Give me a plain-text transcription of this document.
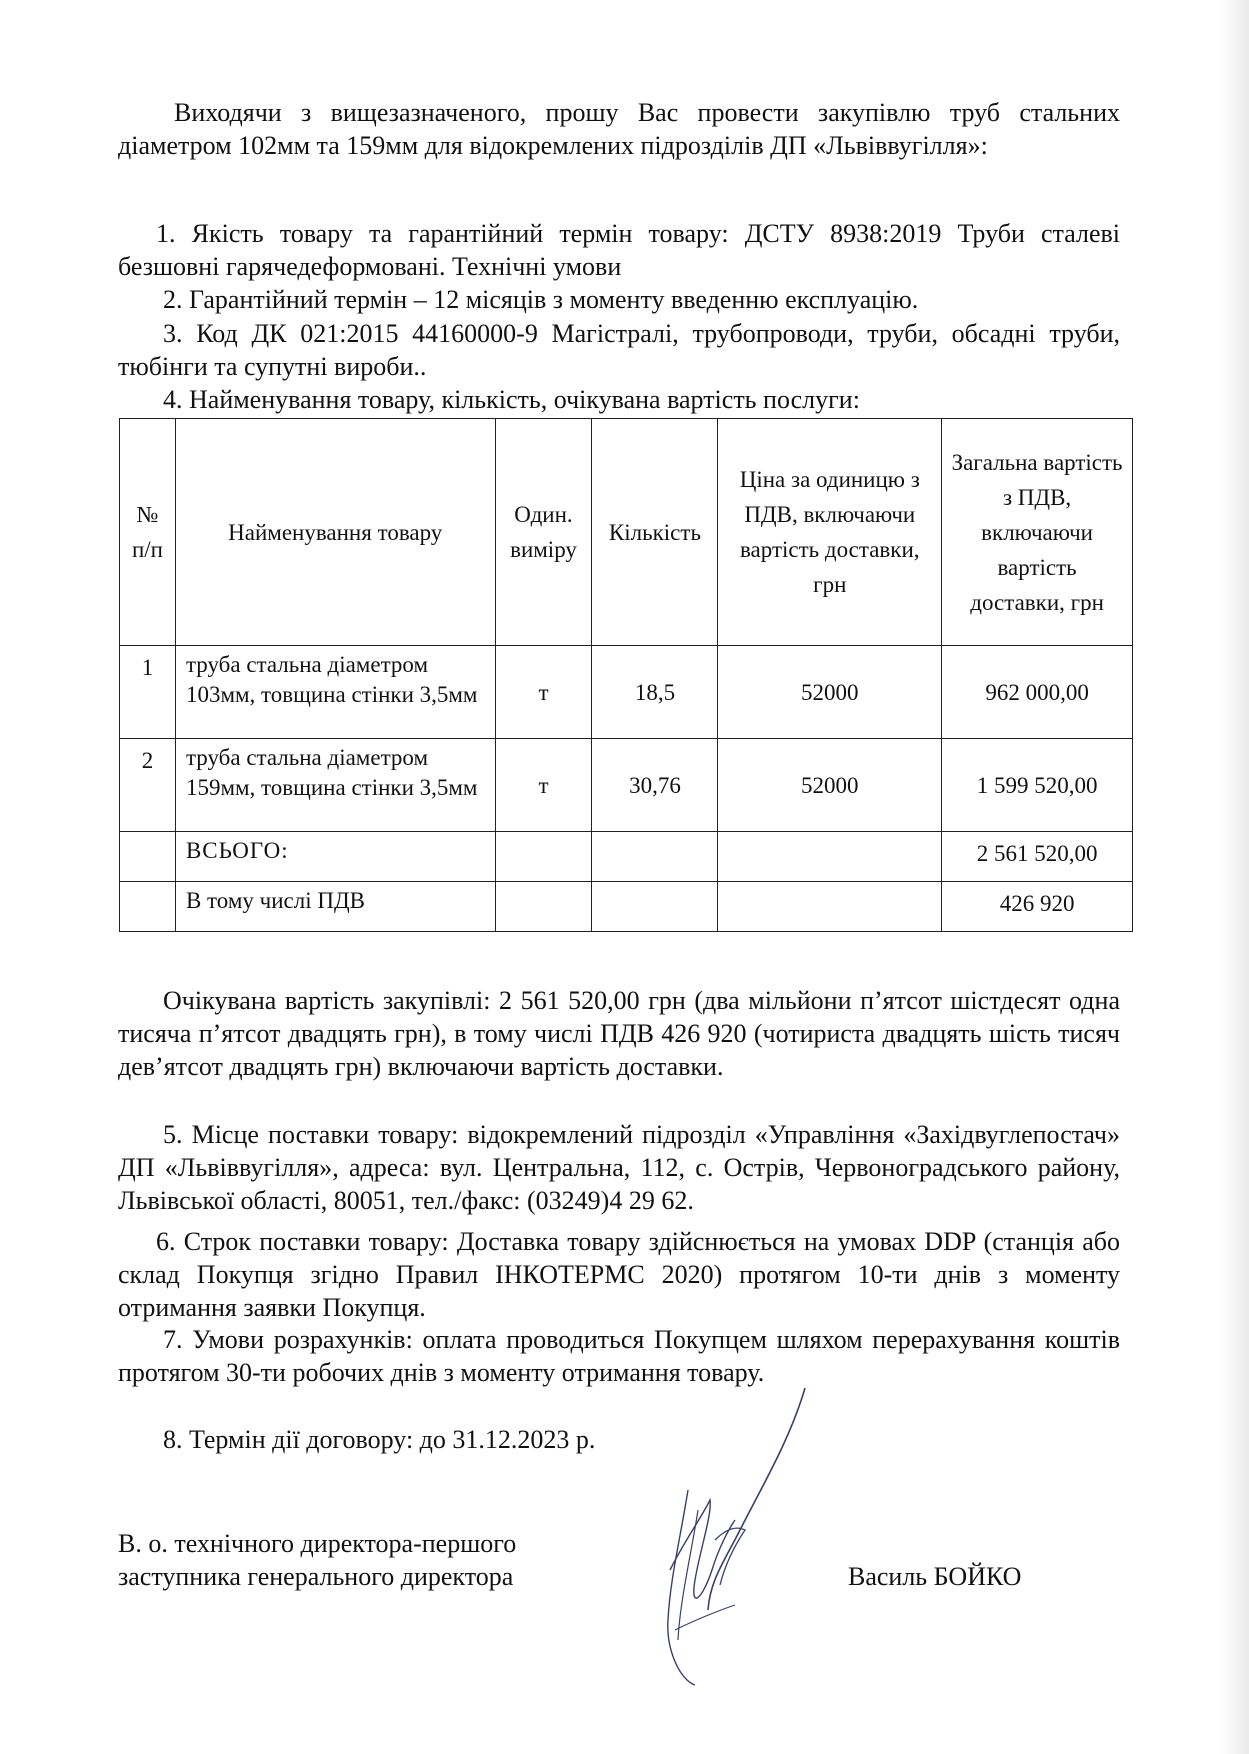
Виходячи з вищезазначеного, прошу Вас провести закупівлю труб стальних діаметром 102мм та 159мм для відокремлених підрозділів ДП «Львіввугілля»:

1. Якість товару та гарантійний термін товару: ДСТУ 8938:2019 Труби сталеві безшовні гарячедеформовані. Технічні умови

2. Гарантійний термін – 12 місяців з моменту введенню експлуацію.

3. Код ДК 021:2015 44160000-9 Магістралі, трубопроводи, труби, обсадні труби, тюбінги та супутні вироби..

4. Найменування товару, кількість, очікувана вартість послуги:

№ п/п	Найменування товару	Один. виміру	Кількість	Ціна за одиницю з ПДВ, включаючи вартість доставки, грн	Загальна вартість з ПДВ, включаючи вартість доставки, грн
1	труба стальна діаметром 103мм, товщина стінки 3,5мм	т	18,5	52000	962 000,00
2	труба стальна діаметром 159мм, товщина стінки 3,5мм	т	30,76	52000	1 599 520,00
	ВСЬОГО:				2 561 520,00
	В тому числі ПДВ				426 920

Очікувана вартість закупівлі: 2 561 520,00 грн (два мільйони п’ятсот шістдесят одна тисяча п’ятсот двадцять грн), в тому числі ПДВ 426 920 (чотириста двадцять шість тисяч дев’ятсот двадцять грн) включаючи вартість доставки.

5. Місце поставки товару: відокремлений підрозділ «Управління «Західвуглепостач» ДП «Львіввугілля», адреса: вул. Центральна, 112, с. Острів, Червоноградського району, Львівської області, 80051, тел./факс: (03249)4 29 62.

6. Строк поставки товару: Доставка товару здійснюється на умовах DDP (станція або склад Покупця згідно Правил ІНКОТЕРМС 2020) протягом 10-ти днів з моменту отримання заявки Покупця.

7. Умови розрахунків: оплата проводиться Покупцем шляхом перерахування коштів протягом 30-ти робочих днів з моменту отримання товару.

8. Термін дії договору: до 31.12.2023 р.

В. о. технічного директора-першого

заступника генерального директора	Василь БОЙКО
